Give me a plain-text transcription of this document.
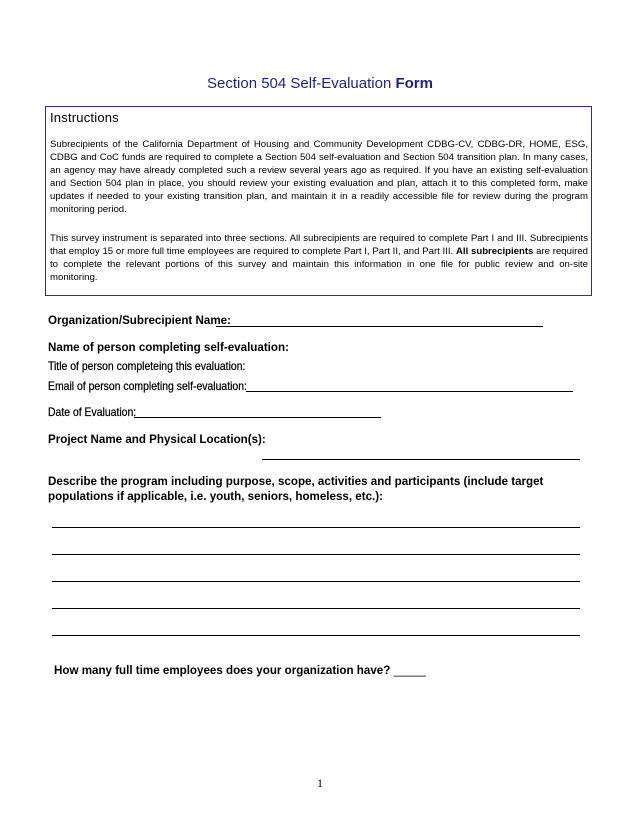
Section 504 Self-Evaluation Form
Instructions

Subrecipients of the California Department of Housing and Community Development CDBG-CV, CDBG-DR, HOME, ESG, CDBG and CoC funds are required to complete a Section 504 self-evaluation and Section 504 transition plan. In many cases, an agency may have already completed such a review several years ago as required. If you have an existing self-evaluation and Section 504 plan in place, you should review your existing evaluation and plan, attach it to this completed form, make updates if needed to your existing transition plan, and maintain it in a readily accessible file for review during the program monitoring period.

This survey instrument is separated into three sections. All subrecipients are required to complete Part I and III. Subrecipients that employ 15 or more full time employees are required to complete Part I, Part II, and Part III. All subrecipients are required to complete the relevant portions of this survey and maintain this information in one file for public review and on-site monitoring.

Organization/Subrecipient Name:
Name of person completing self-evaluation:
Title of person completeing this evaluation:
Email of person completing self-evaluation:
Date of Evaluation:
Project Name and Physical Location(s):
Describe the program including purpose, scope, activities and participants (include target populations if applicable, i.e. youth, seniors, homeless, etc.):
How many full time employees does your organization have? _____
1
